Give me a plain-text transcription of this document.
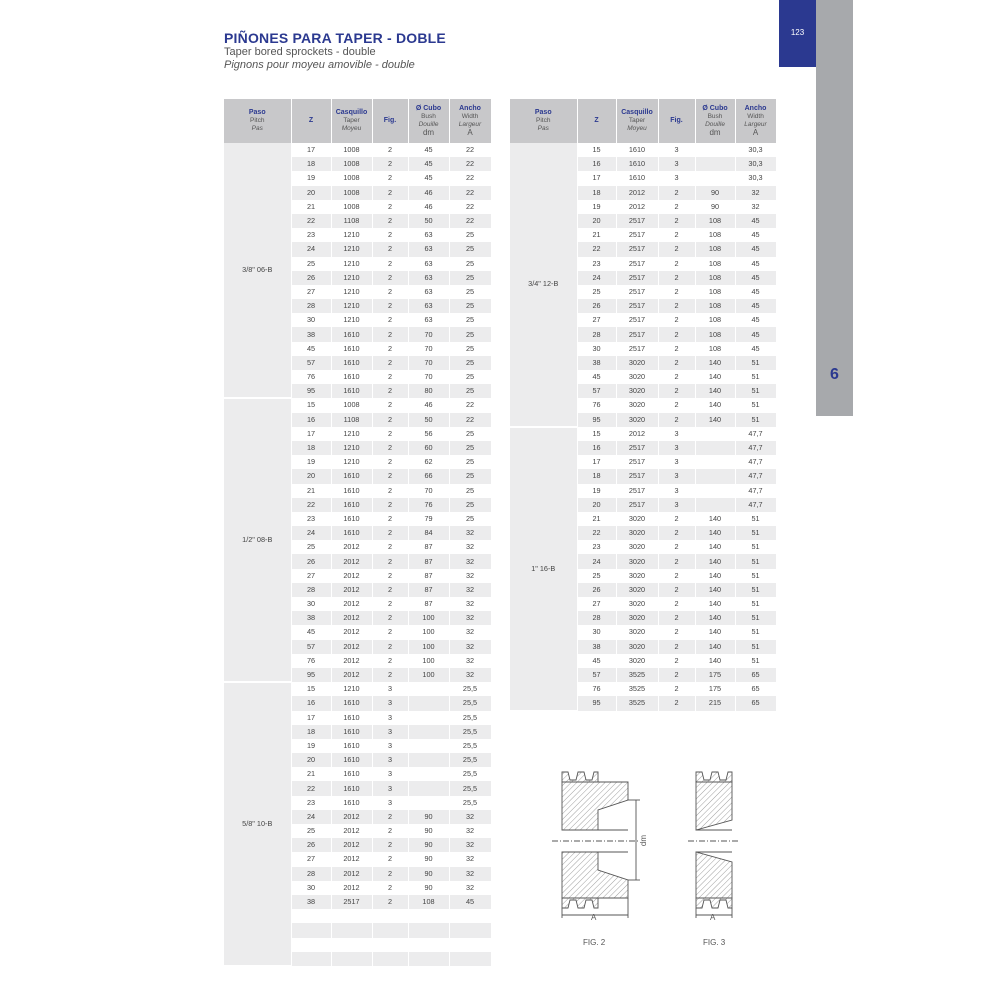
PIÑONES PARA TAPER - DOBLE
Taper bored sprockets - double
Pignons pour moyeu amovible - double
123
6
Paso
Pitch
Pas	Z	Casquillo
Taper
Moyeu	Fig.	Ø Cubo
Bush
Douille
dm	Ancho
Width
Largeur
A

3/8" 06-B	17	1008	2	45	22
	18	1008	2	45	22
	19	1008	2	45	22
	20	1008	2	46	22
	21	1008	2	46	22
	22	1108	2	50	22
	23	1210	2	63	25
	24	1210	2	63	25
	25	1210	2	63	25
	26	1210	2	63	25
	27	1210	2	63	25
	28	1210	2	63	25
	30	1210	2	63	25
	38	1610	2	70	25
	45	1610	2	70	25
	57	1610	2	70	25
	76	1610	2	70	25
	95	1610	2	80	25
1/2" 08-B	15	1008	2	46	22
	16	1108	2	50	22
	17	1210	2	56	25
	18	1210	2	60	25
	19	1210	2	62	25
	20	1610	2	66	25
	21	1610	2	70	25
	22	1610	2	76	25
	23	1610	2	79	25
	24	1610	2	84	32
	25	2012	2	87	32
	26	2012	2	87	32
	27	2012	2	87	32
	28	2012	2	87	32
	30	2012	2	87	32
	38	2012	2	100	32
	45	2012	2	100	32
	57	2012	2	100	32
	76	2012	2	100	32
	95	2012	2	100	32
5/8" 10-B	15	1210	3		25,5
	16	1610	3		25,5
	17	1610	3		25,5
	18	1610	3		25,5
	19	1610	3		25,5
	20	1610	3		25,5
	21	1610	3		25,5
	22	1610	3		25,5
	23	1610	3		25,5
	24	2012	2	90	32
	25	2012	2	90	32
	26	2012	2	90	32
	27	2012	2	90	32
	28	2012	2	90	32
	30	2012	2	90	32
	38	2517	2	108	45

Paso
Pitch
Pas	Z	Casquillo
Taper
Moyeu	Fig.	Ø Cubo
Bush
Douille
dm	Ancho
Width
Largeur
A

3/4" 12-B	15	1610	3		30,3
	16	1610	3		30,3
	17	1610	3		30,3
	18	2012	2	90	32
	19	2012	2	90	32
	20	2517	2	108	45
	21	2517	2	108	45
	22	2517	2	108	45
	23	2517	2	108	45
	24	2517	2	108	45
	25	2517	2	108	45
	26	2517	2	108	45
	27	2517	2	108	45
	28	2517	2	108	45
	30	2517	2	108	45
	38	3020	2	140	51
	45	3020	2	140	51
	57	3020	2	140	51
	76	3020	2	140	51
	95	3020	2	140	51
1" 16-B	15	2012	3		47,7
	16	2517	3		47,7
	17	2517	3		47,7
	18	2517	3		47,7
	19	2517	3		47,7
	20	2517	3		47,7
	21	3020	2	140	51
	22	3020	2	140	51
	23	3020	2	140	51
	24	3020	2	140	51
	25	3020	2	140	51
	26	3020	2	140	51
	27	3020	2	140	51
	28	3020	2	140	51
	30	3020	2	140	51
	38	3020	2	140	51
	45	3020	2	140	51
	57	3525	2	175	65
	76	3525	2	175	65
	95	3525	2	215	65
A
dm
A
FIG. 2	FIG. 3
